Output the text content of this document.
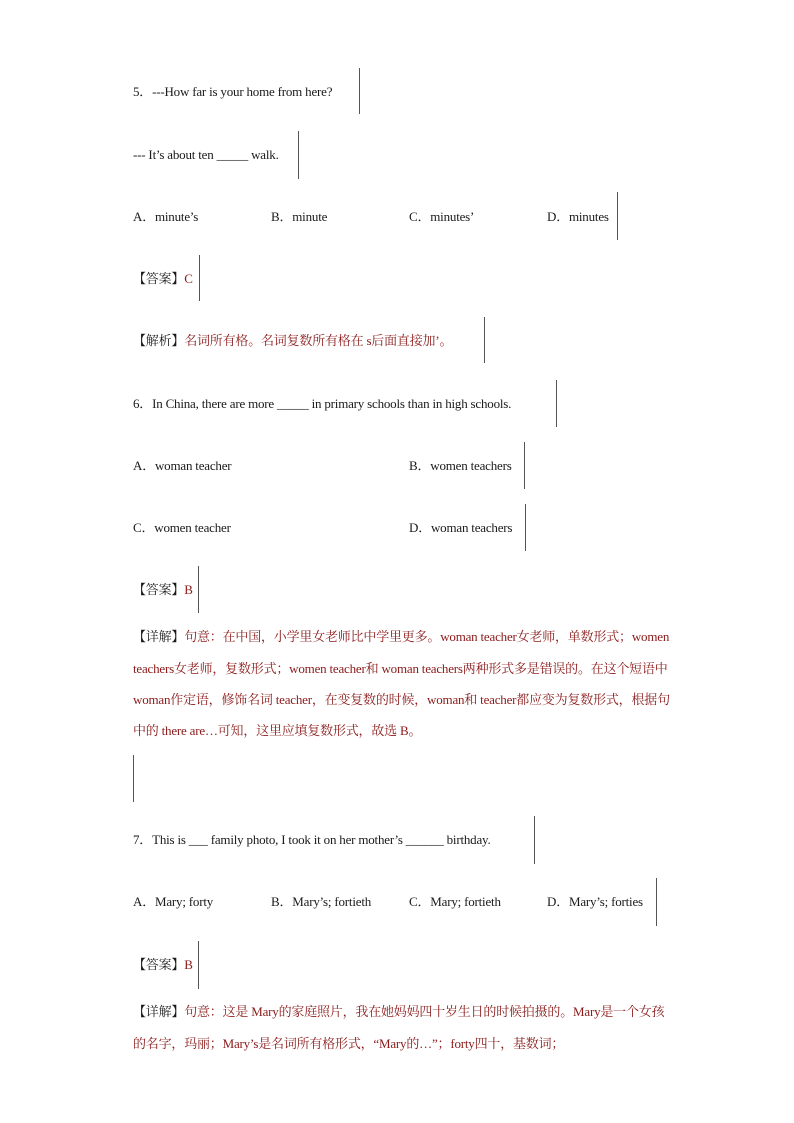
5．---How far is your home from here?
--- It’s about ten _____ walk.
A．minute’s	B．minute	C．minutes’	D．minutes
【答案】C
【解析】名词所有格。名词复数所有格在 s后面直接加’。
6．In China, there are more _____ in primary schools than in high schools.
A．woman teacher	B．women teachers
C．women teacher	D．woman teachers
【答案】B
【详解】句意：在中国，小学里女老师比中学里更多。woman teacher女老师，单数形式；women teachers女老师，复数形式；women teacher和 woman teachers两种形式多是错误的。在这个短语中 woman作定语，修饰名词 teacher，在变复数的时候，woman和 teacher都应变为复数形式，根据句中的 there are…可知，这里应填复数形式，故选 B。
7．This is ___ family photo, I took it on her mother’s ______ birthday.
A．Mary; forty	B．Mary’s; fortieth	C．Mary; fortieth	D．Mary’s; forties
【答案】B
【详解】句意：这是 Mary的家庭照片，我在她妈妈四十岁生日的时候拍摄的。Mary是一个女孩的名字，玛丽；Mary’s是名词所有格形式，“Mary的…”；forty四十，基数词；
